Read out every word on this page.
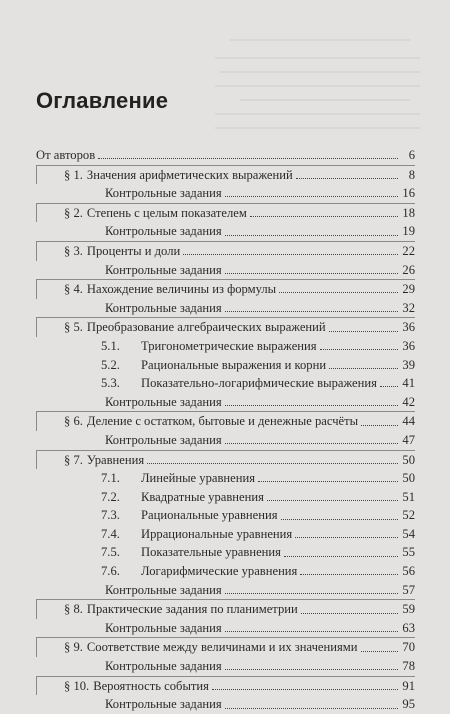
Оглавление
От авторов	6
§ 1. Значения арифметических выражений	8
Контрольные задания	16
§ 2. Степень с целым показателем	18
Контрольные задания	19
§ 3. Проценты и доли	22
Контрольные задания	26
§ 4. Нахождение величины из формулы	29
Контрольные задания	32
§ 5. Преобразование алгебраических выражений	36
5.1.	Тригонометрические выражения	36
5.2.	Рациональные выражения и корни	39
5.3.	Показательно-логарифмические выражения 41
Контрольные задания	42
§ 6. Деление с остатком, бытовые и денежные расчёты	44
Контрольные задания	47
§ 7. Уравнения	50
7.1.	Линейные уравнения	50
7.2.	Квадратные уравнения	51
7.3.	Рациональные уравнения	52
7.4.	Иррациональные уравнения	54
7.5.	Показательные уравнения	55
7.6.	Логарифмические уравнения	56
Контрольные задания	57
§ 8. Практические задания по планиметрии	59
Контрольные задания	63
§ 9. Соответствие между величинами и их значениями	70
Контрольные задания	78
§ 10. Вероятность события	91
Контрольные задания	95
